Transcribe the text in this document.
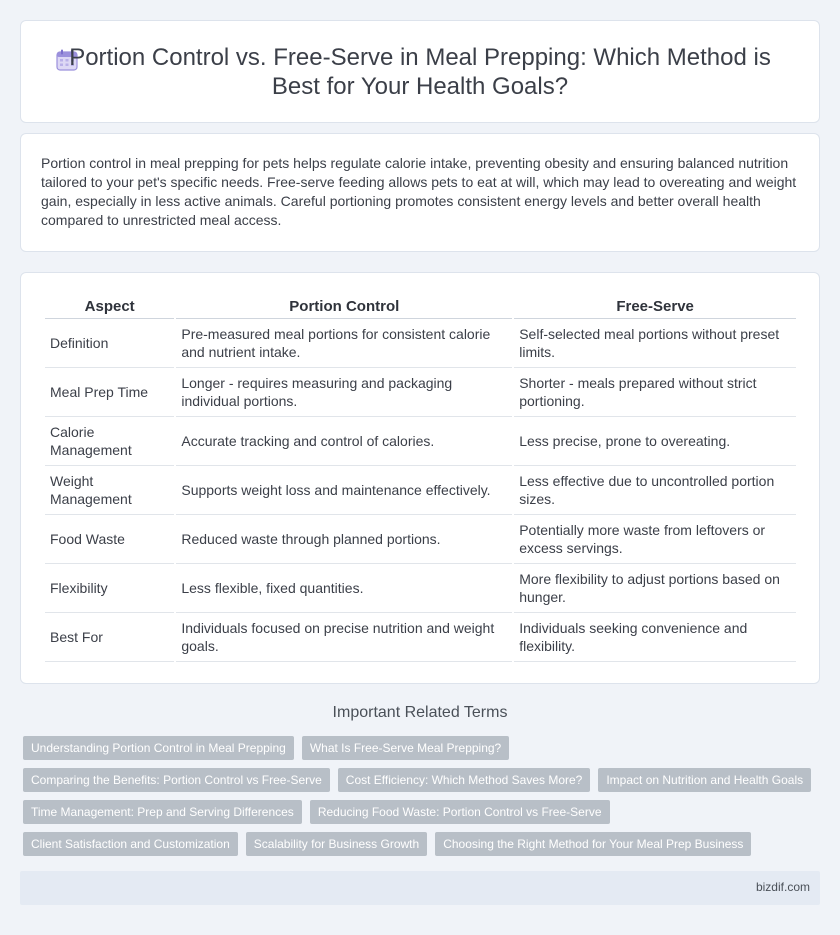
Portion Control vs. Free-Serve in Meal Prepping: Which Method is Best for Your Health Goals?

Portion control in meal prepping for pets helps regulate calorie intake, preventing obesity and ensuring balanced nutrition tailored to your pet's specific needs. Free-serve feeding allows pets to eat at will, which may lead to overeating and weight gain, especially in less active animals. Careful portioning promotes consistent energy levels and better overall health compared to unrestricted meal access.

Aspect	Portion Control	Free-Serve
Definition	Pre-measured meal portions for consistent calorie and nutrient intake.	Self-selected meal portions without preset limits.
Meal Prep Time	Longer - requires measuring and packaging individual portions.	Shorter - meals prepared without strict portioning.
Calorie Management	Accurate tracking and control of calories.	Less precise, prone to overeating.
Weight Management	Supports weight loss and maintenance effectively.	Less effective due to uncontrolled portion sizes.
Food Waste	Reduced waste through planned portions.	Potentially more waste from leftovers or excess servings.
Flexibility	Less flexible, fixed quantities.	More flexibility to adjust portions based on hunger.
Best For	Individuals focused on precise nutrition and weight goals.	Individuals seeking convenience and flexibility.
Important Related Terms
Understanding Portion Control in Meal Prepping	What Is Free-Serve Meal Prepping?
Comparing the Benefits: Portion Control vs Free-Serve	Cost Efficiency: Which Method Saves More?	Impact on Nutrition and Health Goals
Time Management: Prep and Serving Differences	Reducing Food Waste: Portion Control vs Free-Serve
Client Satisfaction and Customization	Scalability for Business Growth	Choosing the Right Method for Your Meal Prep Business
bizdif.com
